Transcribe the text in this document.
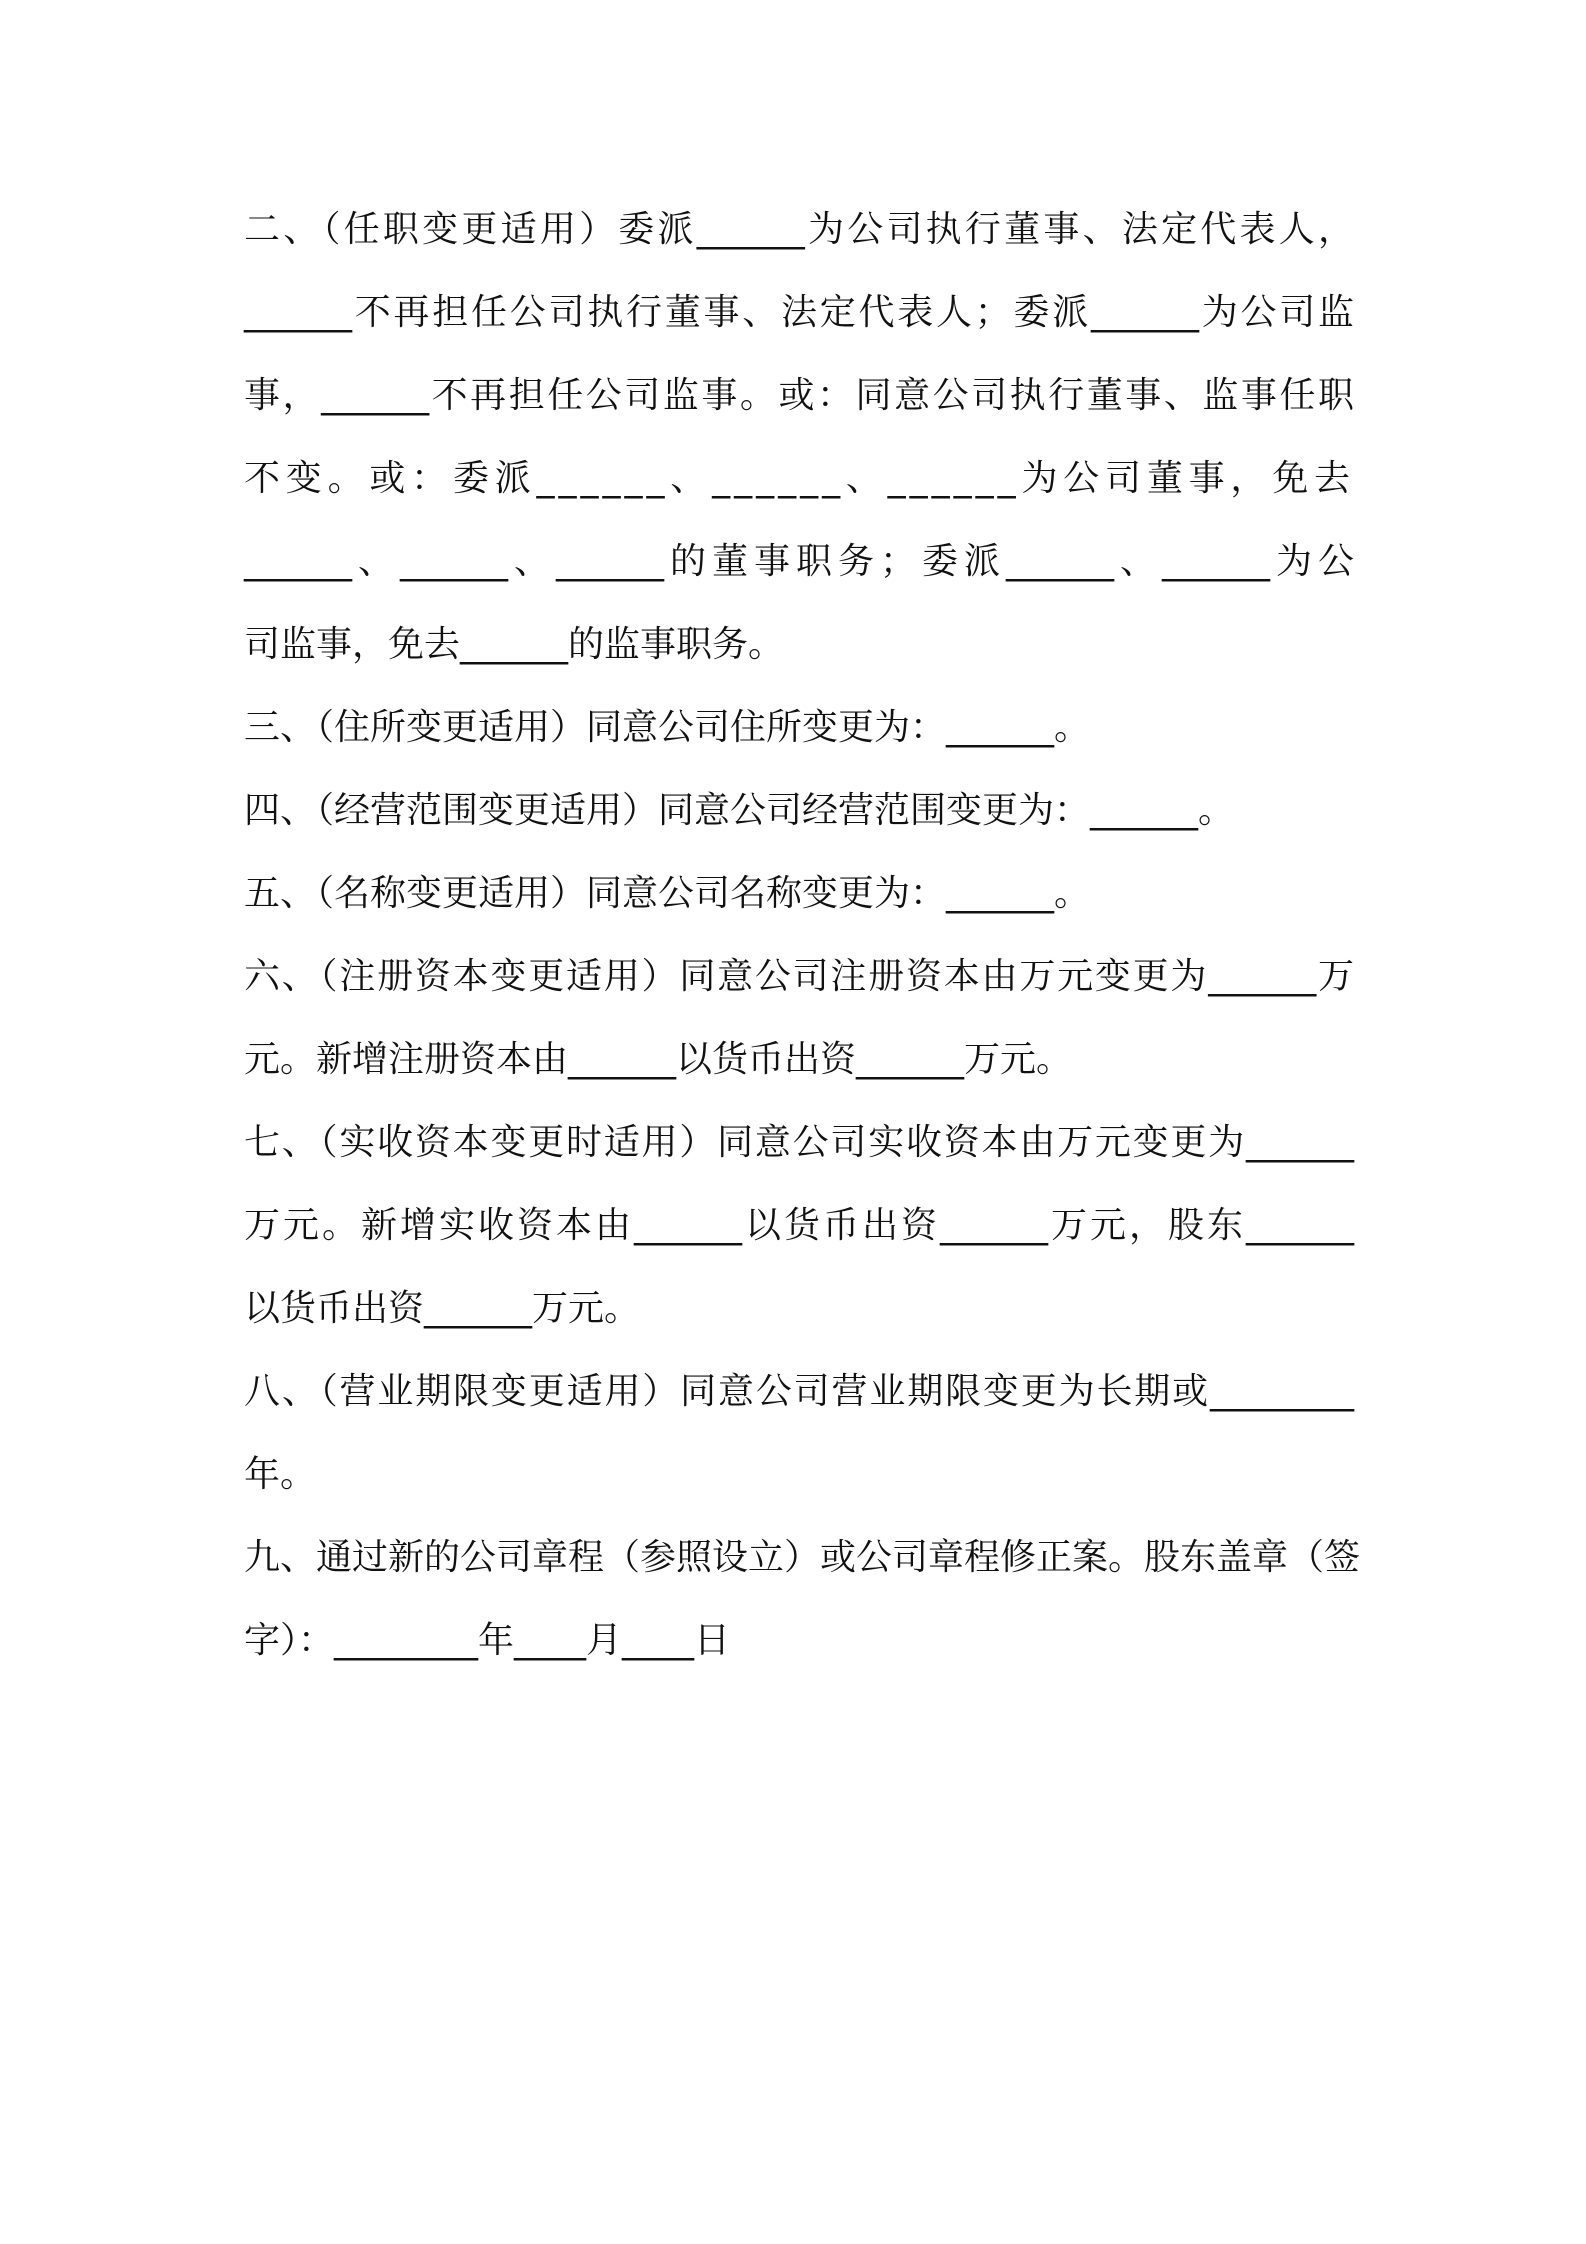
二、（任职变更适用）委派______为公司执行董事、法定代表人，
______不再担任公司执行董事、法定代表人；委派______为公司监
事，______不再担任公司监事。或：同意公司执行董事、监事任职
不变。或：委派______、______、______为公司董事，免去
______、______、______的董事职务；委派______、______为公
司监事，免去______的监事职务。
三、（住所变更适用）同意公司住所变更为：______。
四、（经营范围变更适用）同意公司经营范围变更为：______。
五、（名称变更适用）同意公司名称变更为：______。
六、（注册资本变更适用）同意公司注册资本由万元变更为______万
元。新增注册资本由______以货币出资______万元。
七、（实收资本变更时适用）同意公司实收资本由万元变更为______
万元。新增实收资本由______以货币出资______万元，股东______
以货币出资______万元。
八、（营业期限变更适用）同意公司营业期限变更为长期或________
年。
九、通过新的公司章程（参照设立）或公司章程修正案。股东盖章（签
字）：________年____月____日
